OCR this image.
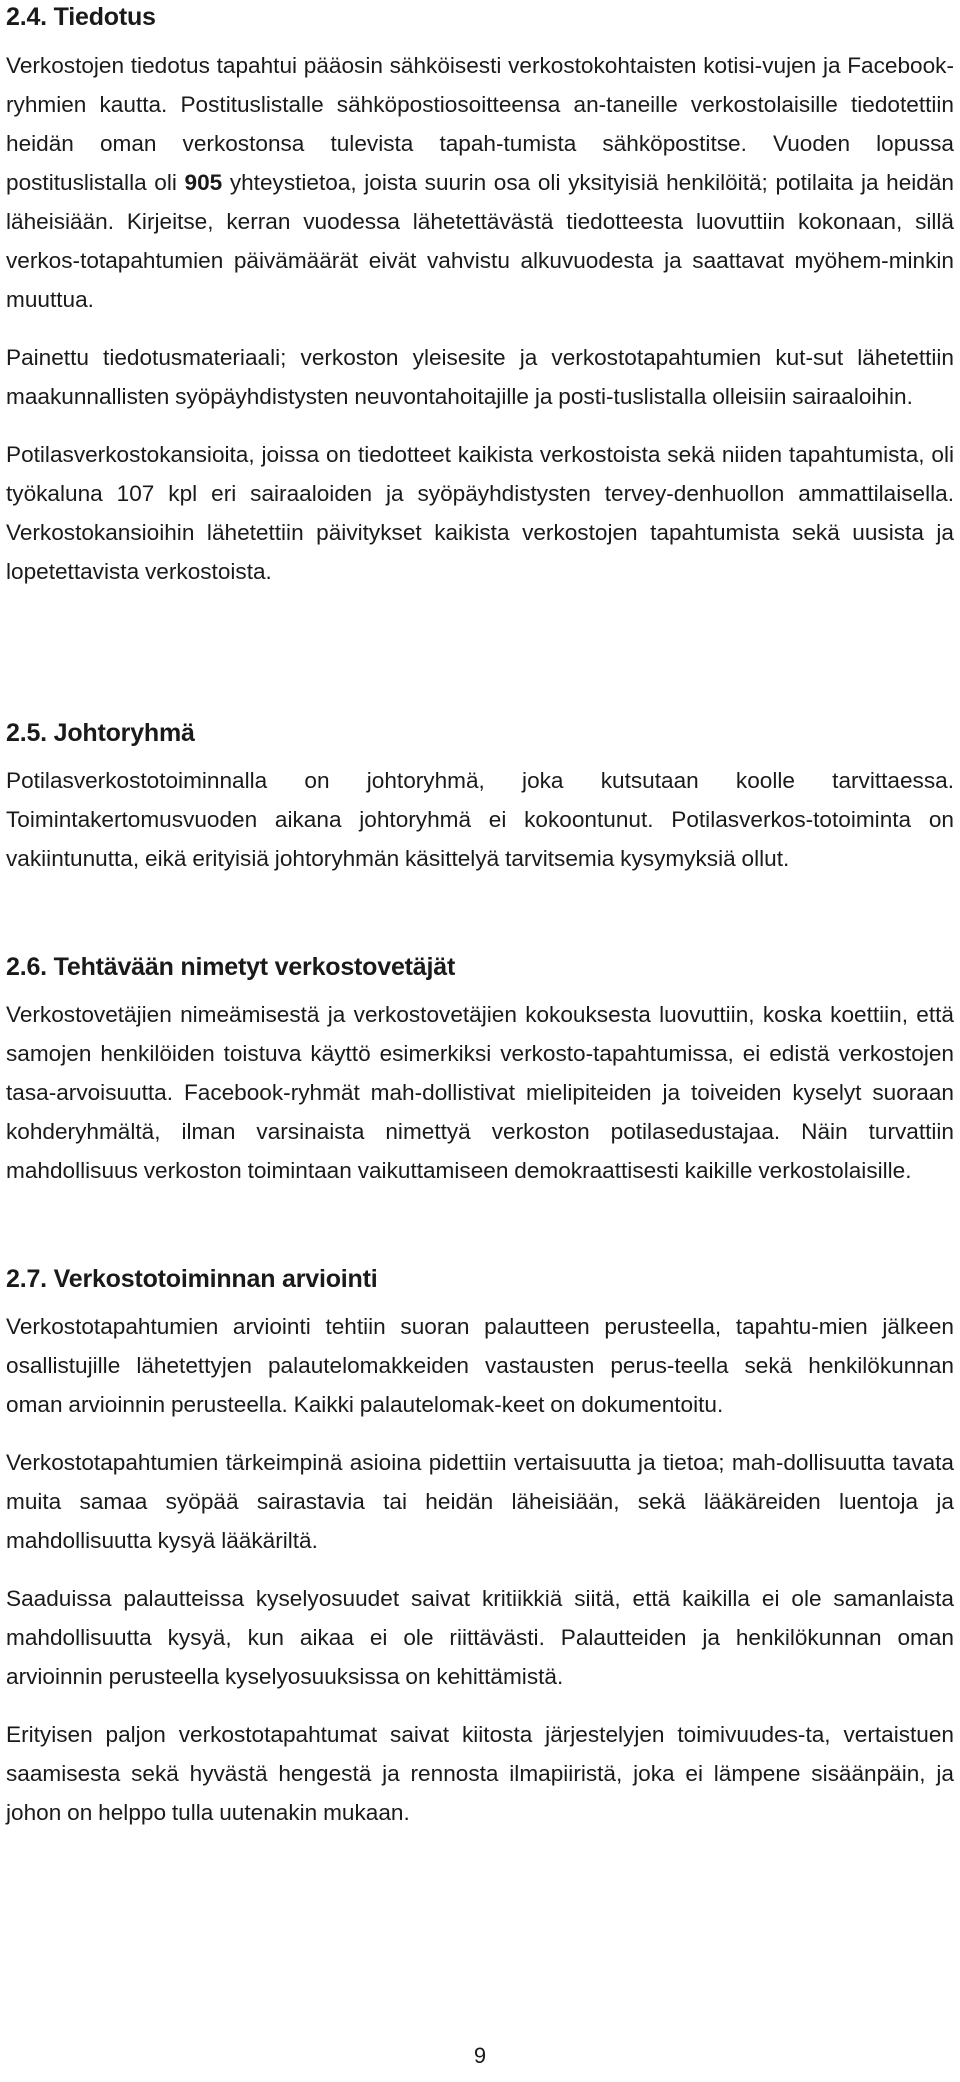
2.4. Tiedotus

Verkostojen tiedotus tapahtui pääosin sähköisesti verkostokohtaisten kotisi-vujen ja Facebook-ryhmien kautta. Postituslistalle sähköpostiosoitteensa an-taneille verkostolaisille tiedotettiin heidän oman verkostonsa tulevista tapah-tumista sähköpostitse. Vuoden lopussa postituslistalla oli 905 yhteystietoa, joista suurin osa oli yksityisiä henkilöitä; potilaita ja heidän läheisiään. Kirjeitse, kerran vuodessa lähetettävästä tiedotteesta luovuttiin kokonaan, sillä verkos-totapahtumien päivämäärät eivät vahvistu alkuvuodesta ja saattavat myöhem-minkin muuttua.

Painettu tiedotusmateriaali; verkoston yleisesite ja verkostotapahtumien kut-sut lähetettiin maakunnallisten syöpäyhdistysten neuvontahoitajille ja posti-tuslistalla olleisiin sairaaloihin.

Potilasverkostokansioita, joissa on tiedotteet kaikista verkostoista sekä niiden tapahtumista, oli työkaluna 107 kpl eri sairaaloiden ja syöpäyhdistysten tervey-denhuollon ammattilaisella. Verkostokansioihin lähetettiin päivitykset kaikista verkostojen tapahtumista sekä uusista ja lopetettavista verkostoista.

2.5. Johtoryhmä

Potilasverkostotoiminnalla on johtoryhmä, joka kutsutaan koolle tarvittaessa. Toimintakertomusvuoden aikana johtoryhmä ei kokoontunut. Potilasverkos-totoiminta on vakiintunutta, eikä erityisiä johtoryhmän käsittelyä tarvitsemia kysymyksiä ollut.

2.6. Tehtävään nimetyt verkostovetäjät

Verkostovetäjien nimeämisestä ja verkostovetäjien kokouksesta luovuttiin, koska koettiin, että samojen henkilöiden toistuva käyttö esimerkiksi verkosto-tapahtumissa, ei edistä verkostojen tasa-arvoisuutta. Facebook-ryhmät mah-dollistivat mielipiteiden ja toiveiden kyselyt suoraan kohderyhmältä, ilman varsinaista nimettyä verkoston potilasedustajaa. Näin turvattiin mahdollisuus verkoston toimintaan vaikuttamiseen demokraattisesti kaikille verkostolaisille.

2.7. Verkostotoiminnan arviointi

Verkostotapahtumien arviointi tehtiin suoran palautteen perusteella, tapahtu-mien jälkeen osallistujille lähetettyjen palautelomakkeiden vastausten perus-teella sekä henkilökunnan oman arvioinnin perusteella. Kaikki palautelomak-keet on dokumentoitu.

Verkostotapahtumien tärkeimpinä asioina pidettiin vertaisuutta ja tietoa; mah-dollisuutta tavata muita samaa syöpää sairastavia tai heidän läheisiään, sekä lääkäreiden luentoja ja mahdollisuutta kysyä lääkäriltä.

Saaduissa palautteissa kyselyosuudet saivat kritiikkiä siitä, että kaikilla ei ole samanlaista mahdollisuutta kysyä, kun aikaa ei ole riittävästi. Palautteiden ja henkilökunnan oman arvioinnin perusteella kyselyosuuksissa on kehittämistä.

Erityisen paljon verkostotapahtumat saivat kiitosta järjestelyjen toimivuudes-ta, vertaistuen saamisesta sekä hyvästä hengestä ja rennosta ilmapiiristä, joka ei lämpene sisäänpäin, ja johon on helppo tulla uutenakin mukaan.

9
